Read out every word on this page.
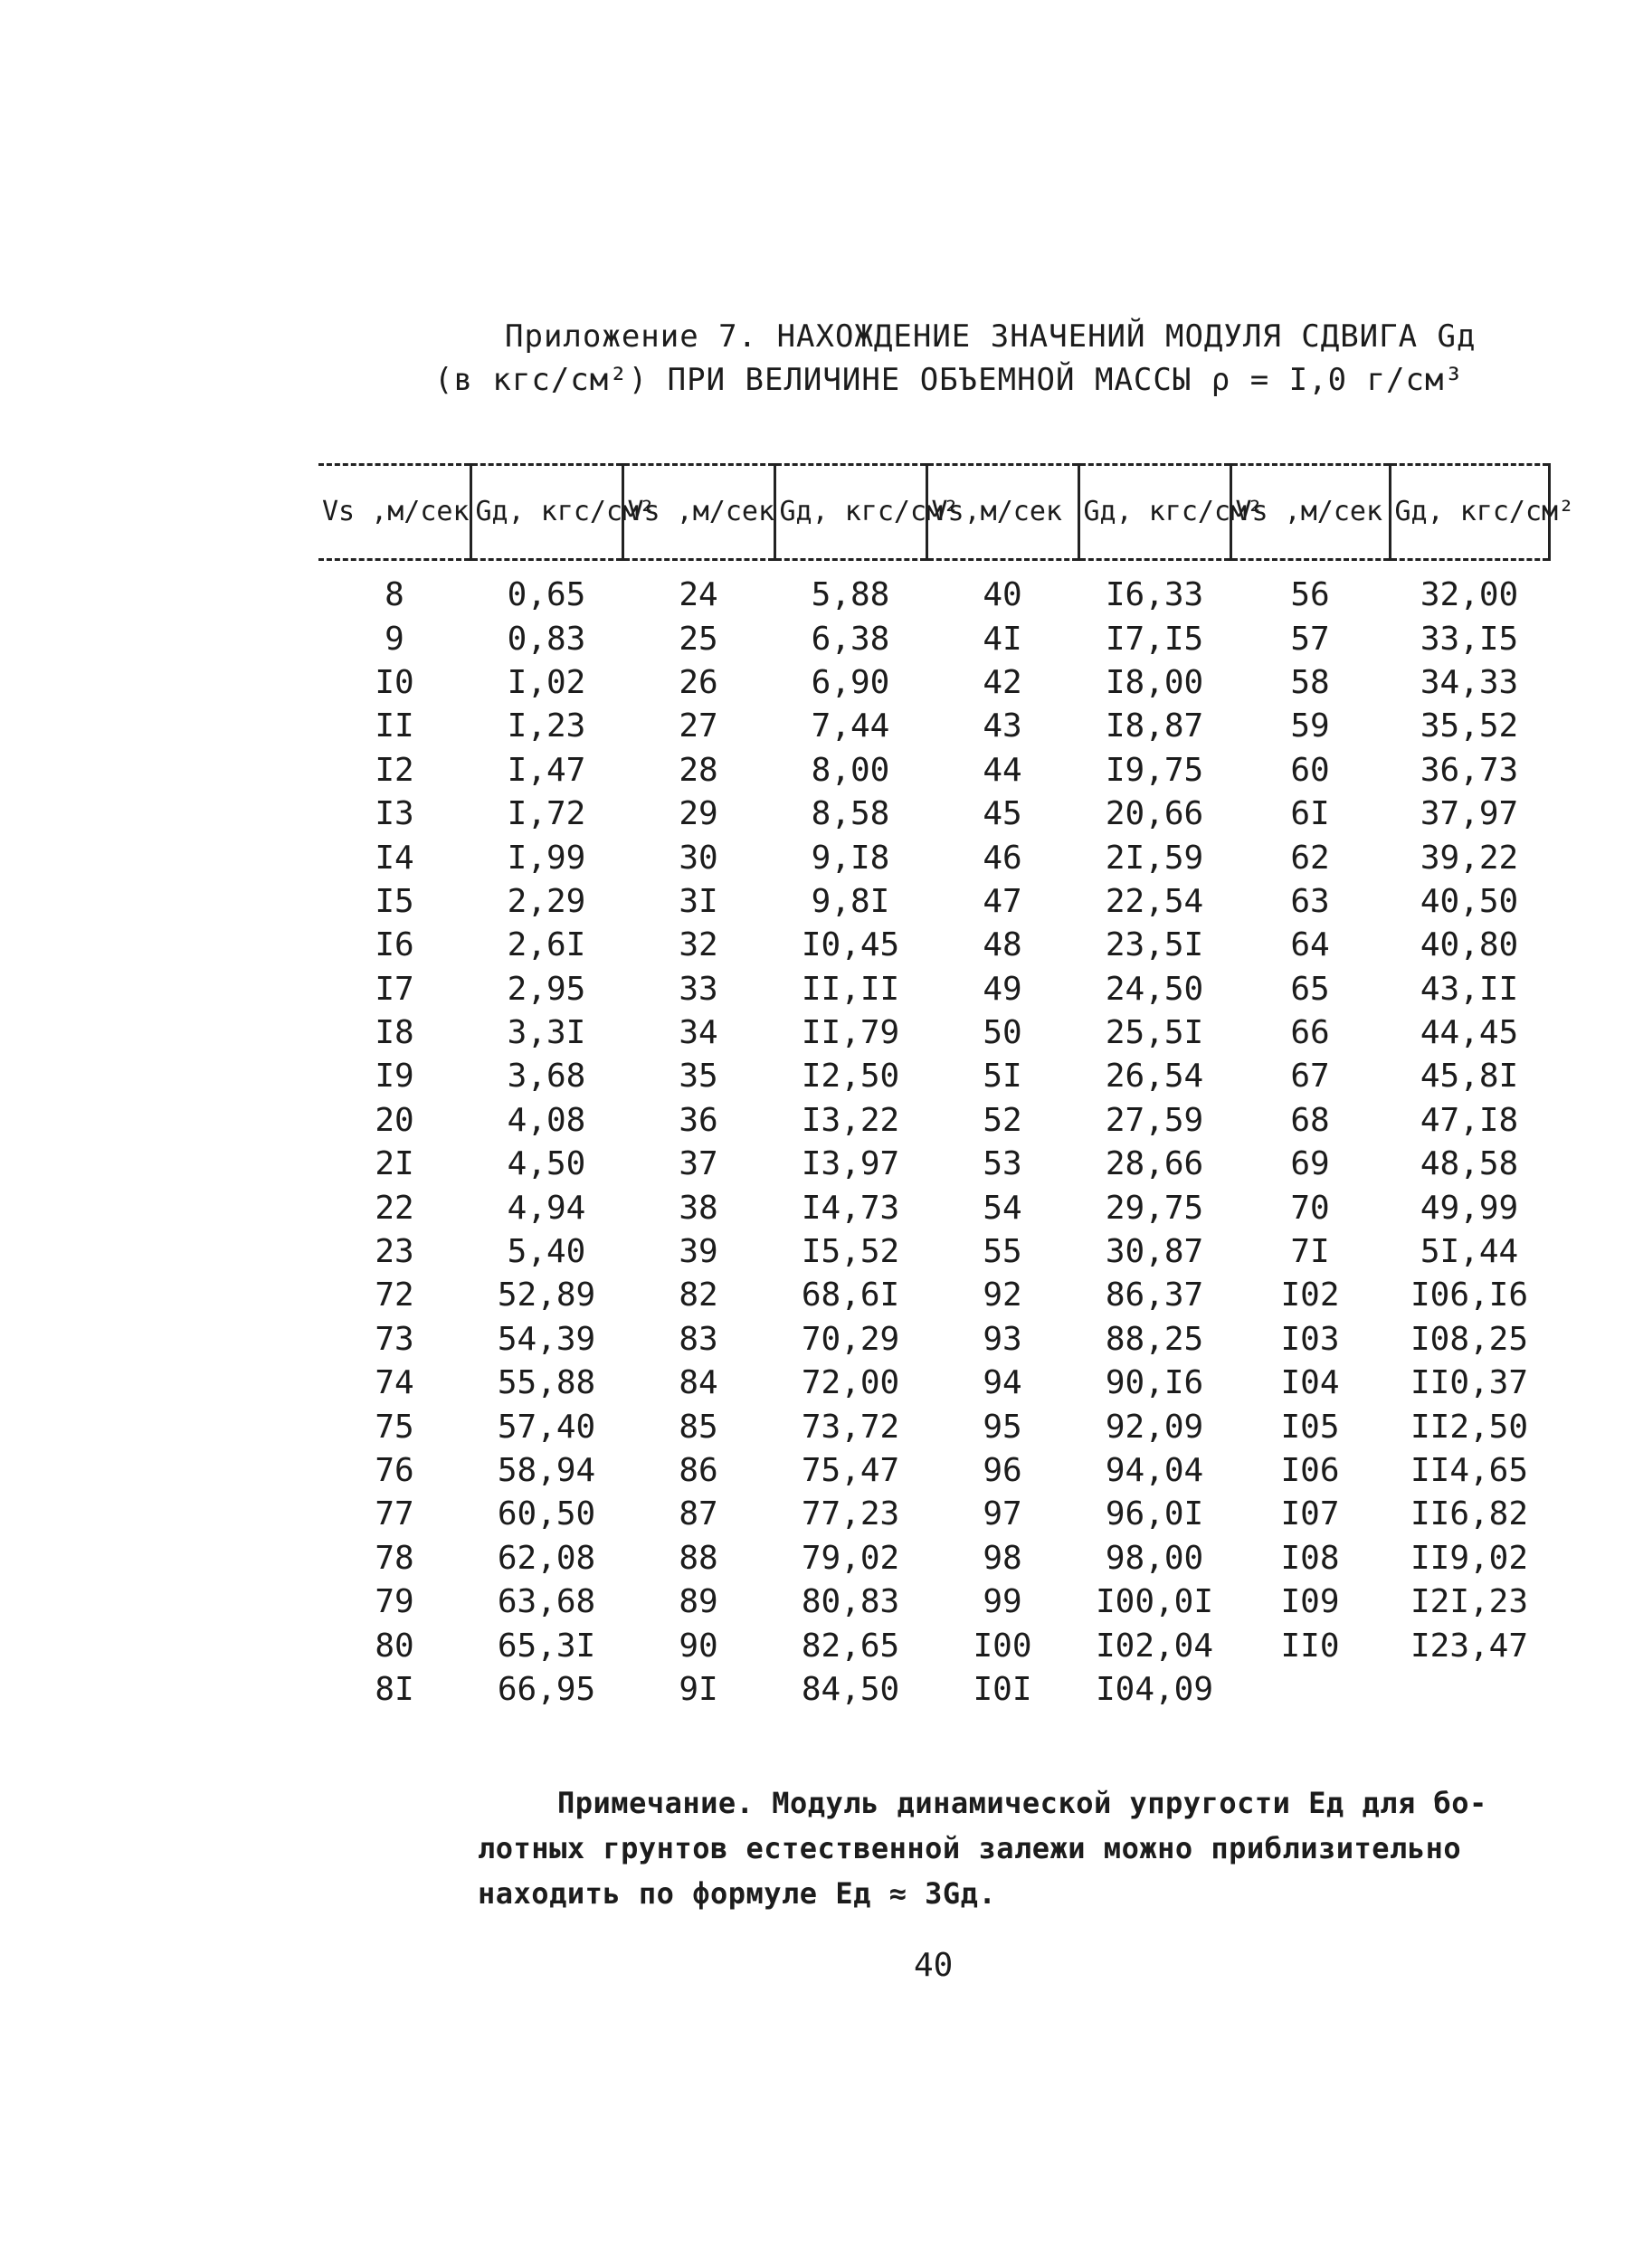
Приложение 7. НАХОЖДЕНИЕ ЗНАЧЕНИЙ МОДУЛЯ СДВИГА Gд
(в кгс/см²) ПРИ ВЕЛИЧИНЕ ОБЪЕМНОЙ МАССЫ ρ = I,0 г/см³
Vs ,м/сек	Gд, кгс/см²	Vs ,м/сек	Gд, кгс/см²	Vs,м/сек	Gд, кгс/см²	Vs ,м/сек	Gд, кгс/см²

8	0,65	24	5,88	40	I6,33	56	32,00
9	0,83	25	6,38	4I	I7,I5	57	33,I5
I0	I,02	26	6,90	42	I8,00	58	34,33
II	I,23	27	7,44	43	I8,87	59	35,52
I2	I,47	28	8,00	44	I9,75	60	36,73
I3	I,72	29	8,58	45	20,66	6I	37,97
I4	I,99	30	9,I8	46	2I,59	62	39,22
I5	2,29	3I	9,8I	47	22,54	63	40,50
I6	2,6I	32	I0,45	48	23,5I	64	40,80
I7	2,95	33	II,II	49	24,50	65	43,II
I8	3,3I	34	II,79	50	25,5I	66	44,45
I9	3,68	35	I2,50	5I	26,54	67	45,8I
20	4,08	36	I3,22	52	27,59	68	47,I8
2I	4,50	37	I3,97	53	28,66	69	48,58
22	4,94	38	I4,73	54	29,75	70	49,99
23	5,40	39	I5,52	55	30,87	7I	5I,44
72	52,89	82	68,6I	92	86,37	I02	I06,I6
73	54,39	83	70,29	93	88,25	I03	I08,25
74	55,88	84	72,00	94	90,I6	I04	II0,37
75	57,40	85	73,72	95	92,09	I05	II2,50
76	58,94	86	75,47	96	94,04	I06	II4,65
77	60,50	87	77,23	97	96,0I	I07	II6,82
78	62,08	88	79,02	98	98,00	I08	II9,02
79	63,68	89	80,83	99	I00,0I	I09	I2I,23
80	65,3I	90	82,65	I00	I02,04	II0	I23,47
8I	66,95	9I	84,50	I0I	I04,09		
Примечание. Модуль динамической упругости Eд для бо-
лотных грунтов естественной залежи можно приблизительно
находить по формуле Eд ≈ 3Gд.
40
